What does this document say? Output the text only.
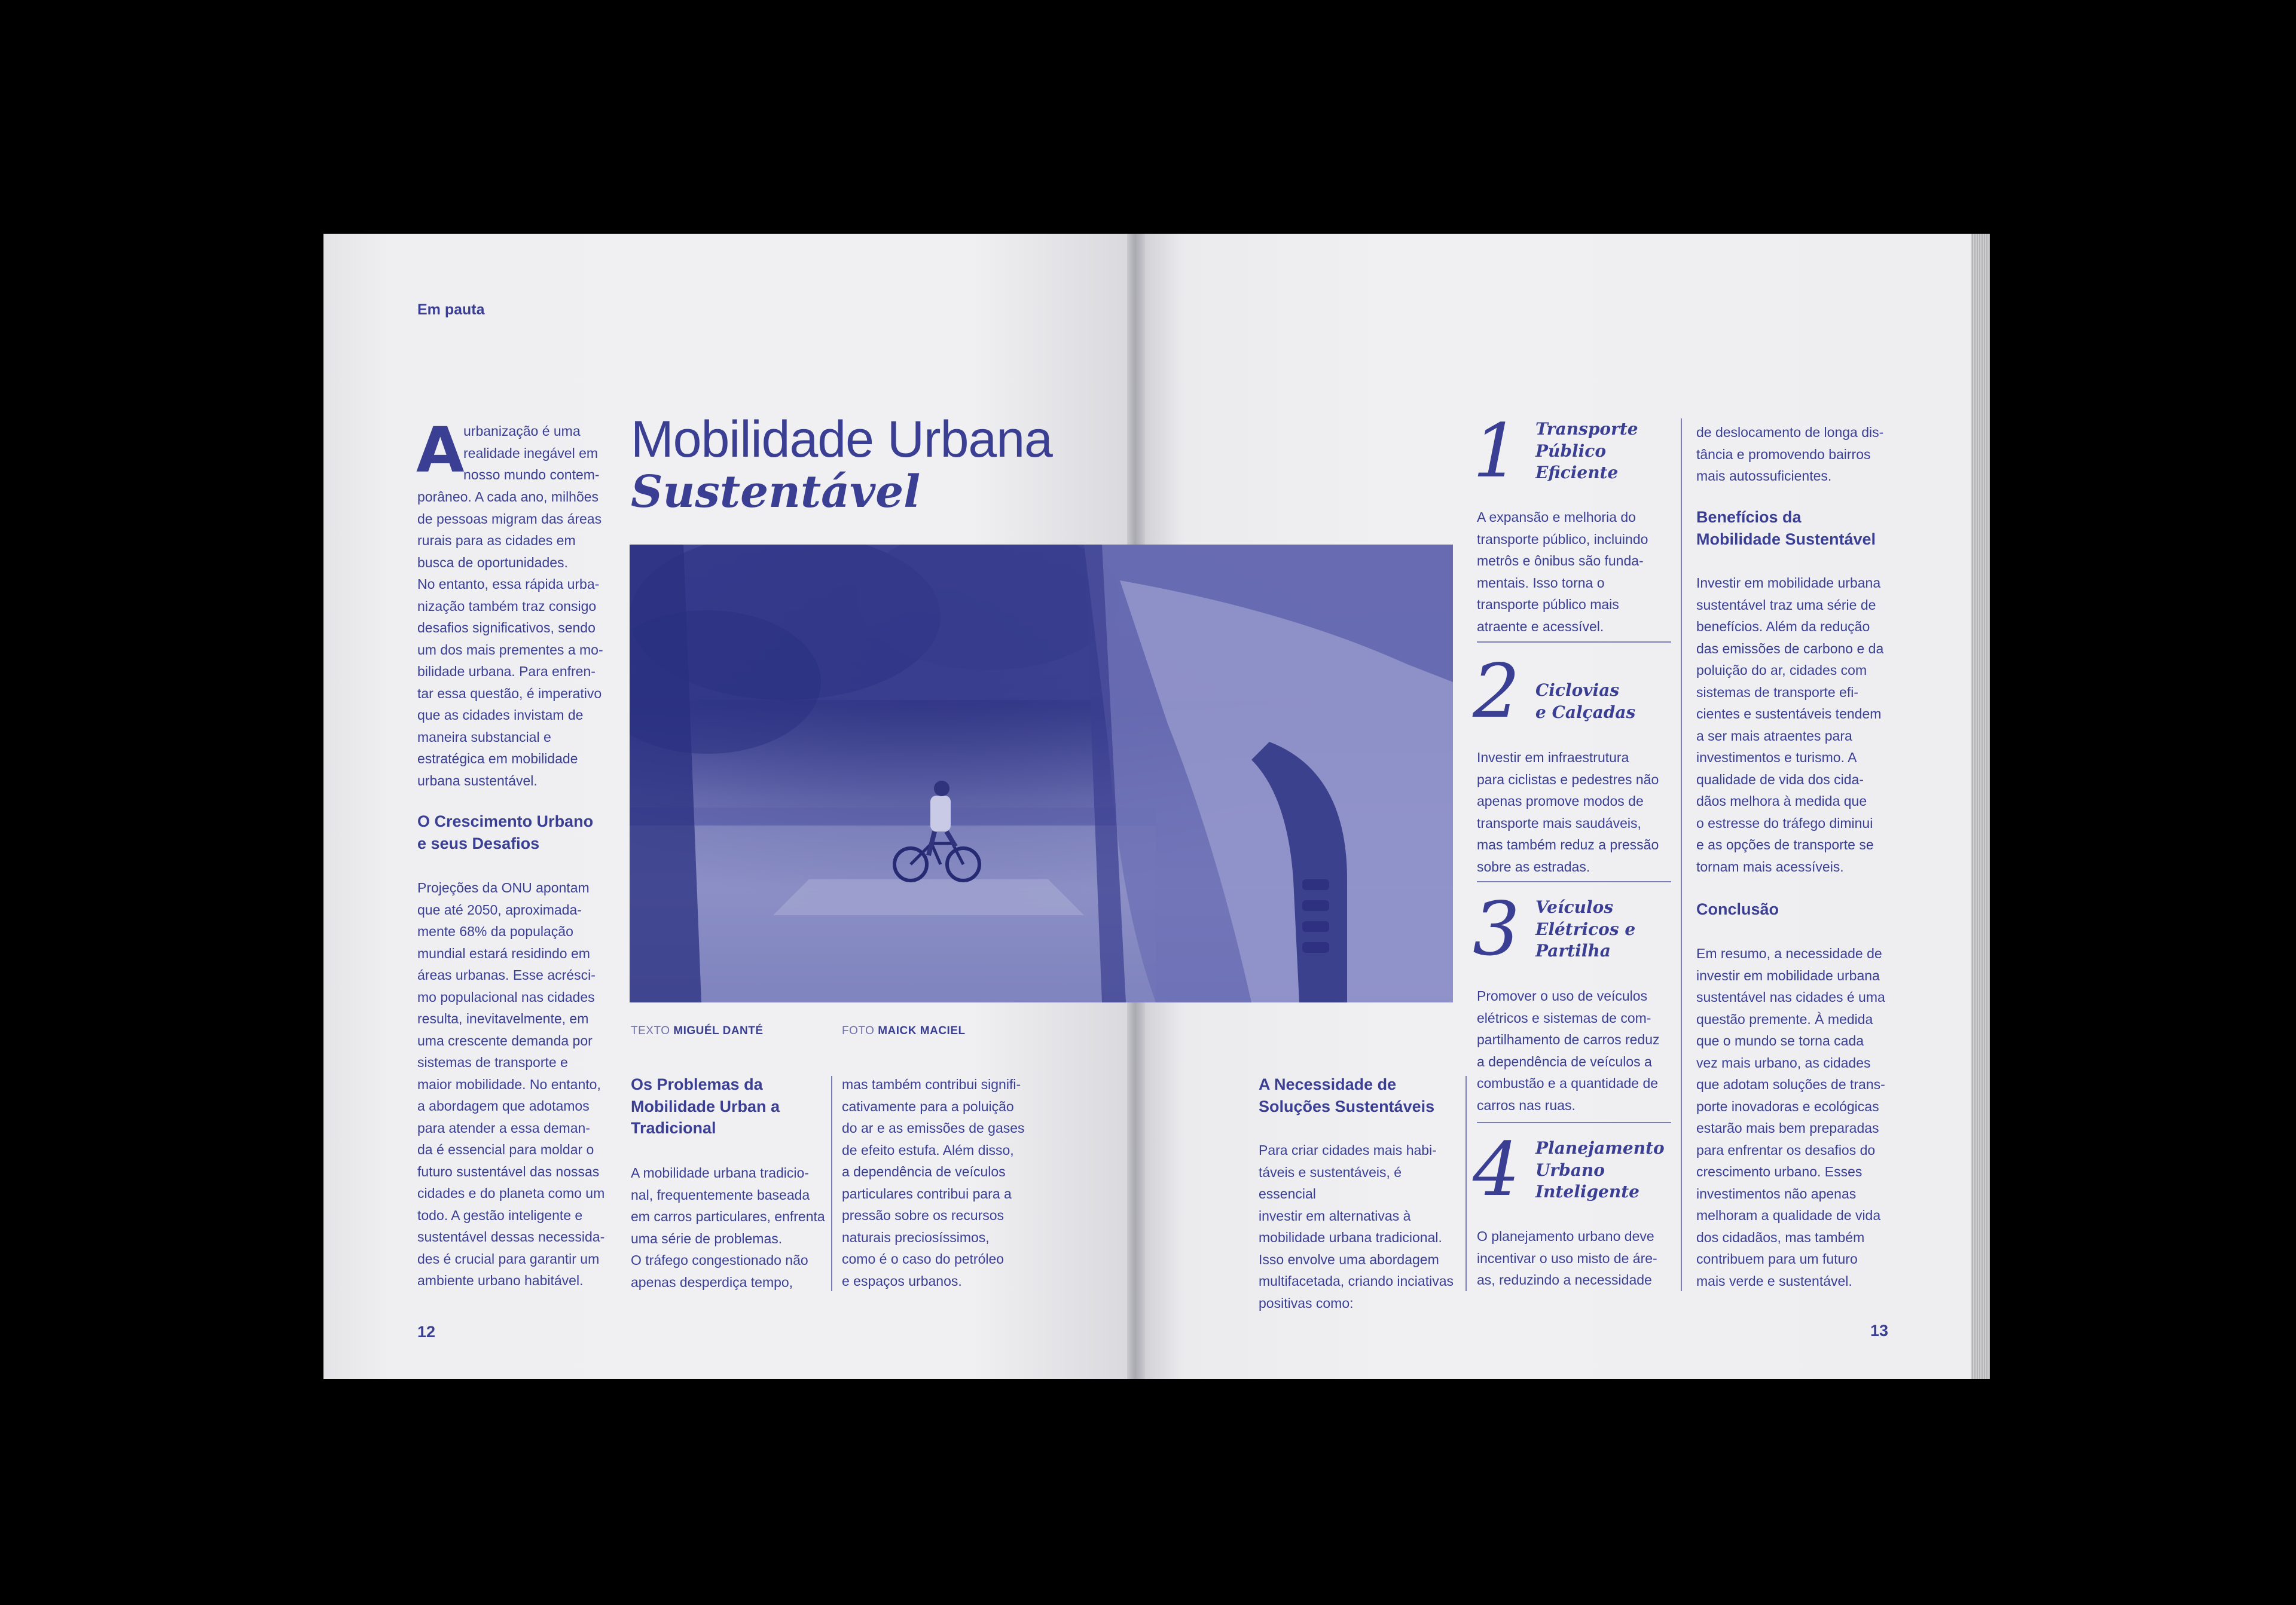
Em pauta
Mobilidade Urbana
Sustentável
A
urbanização é uma
realidade inegável em
nosso mundo contem-
porâneo. A cada ano, milhões
de pessoas migram das áreas
rurais para as cidades em
busca de oportunidades.
No entanto, essa rápida urba-
nização também traz consigo
desafios significativos, sendo
um dos mais prementes a mo-
bilidade urbana. Para enfren-
tar essa questão, é imperativo
que as cidades invistam de
maneira substancial e
estratégica em mobilidade
urbana sustentável.
O Crescimento Urbano
e seus Desafios
Projeções da ONU apontam
que até 2050, aproximada-
mente 68% da população
mundial estará residindo em
áreas urbanas. Esse acrésci-
mo populacional nas cidades
resulta, inevitavelmente, em
uma crescente demanda por
sistemas de transporte e
maior mobilidade. No entanto,
a abordagem que adotamos
para atender a essa deman-
da é essencial para moldar o
futuro sustentável das nossas
cidades e do planeta como um
todo. A gestão inteligente e
sustentável dessas necessida-
des é crucial para garantir um
ambiente urbano habitável.
TEXTO MIGUÉL DANTÉ	FOTO MAICK MACIEL
Os Problemas da
Mobilidade Urban a
Tradicional
A mobilidade urbana tradicio-
nal, frequentemente baseada
em carros particulares, enfrenta
uma série de problemas.
O tráfego congestionado não
apenas desperdiça tempo,
mas também contribui signifi-
cativamente para a poluição
do ar e as emissões de gases
de efeito estufa. Além disso,
a dependência de veículos
particulares contribui para a
pressão sobre os recursos
naturais preciosíssimos,
como é o caso do petróleo
e espaços urbanos.
12
A Necessidade de
Soluções Sustentáveis
Para criar cidades mais habi-
táveis e sustentáveis, é essencial
investir em alternativas à
mobilidade urbana tradicional.
Isso envolve uma abordagem
multifacetada, criando inciativas
positivas como:
1 Transporte
Público
Eficiente
A expansão e melhoria do
transporte público, incluindo
metrôs e ônibus são funda-
mentais. Isso torna o
transporte público mais
atraente e acessível.
2 Ciclovias
e Calçadas
Investir em infraestrutura
para ciclistas e pedestres não
apenas promove modos de
transporte mais saudáveis,
mas também reduz a pressão
sobre as estradas.
3 Veículos
Elétricos e
Partilha
Promover o uso de veículos
elétricos e sistemas de com-
partilhamento de carros reduz
a dependência de veículos a
combustão e a quantidade de
carros nas ruas.
4 Planejamento
Urbano
Inteligente
O planejamento urbano deve
incentivar o uso misto de áre-
as, reduzindo a necessidade
de deslocamento de longa dis-
tância e promovendo bairros
mais autossuficientes.
Benefícios da
Mobilidade Sustentável
Investir em mobilidade urbana
sustentável traz uma série de
benefícios. Além da redução
das emissões de carbono e da
poluição do ar, cidades com
sistemas de transporte efi-
cientes e sustentáveis tendem
a ser mais atraentes para
investimentos e turismo. A
qualidade de vida dos cida-
dãos melhora à medida que
o estresse do tráfego diminui
e as opções de transporte se
tornam mais acessíveis.
Conclusão
Em resumo, a necessidade de
investir em mobilidade urbana
sustentável nas cidades é uma
questão premente. À medida
que o mundo se torna cada
vez mais urbano, as cidades
que adotam soluções de trans-
porte inovadoras e ecológicas
estarão mais bem preparadas
para enfrentar os desafios do
crescimento urbano. Esses
investimentos não apenas
melhoram a qualidade de vida
dos cidadãos, mas também
contribuem para um futuro
mais verde e sustentável.
13
